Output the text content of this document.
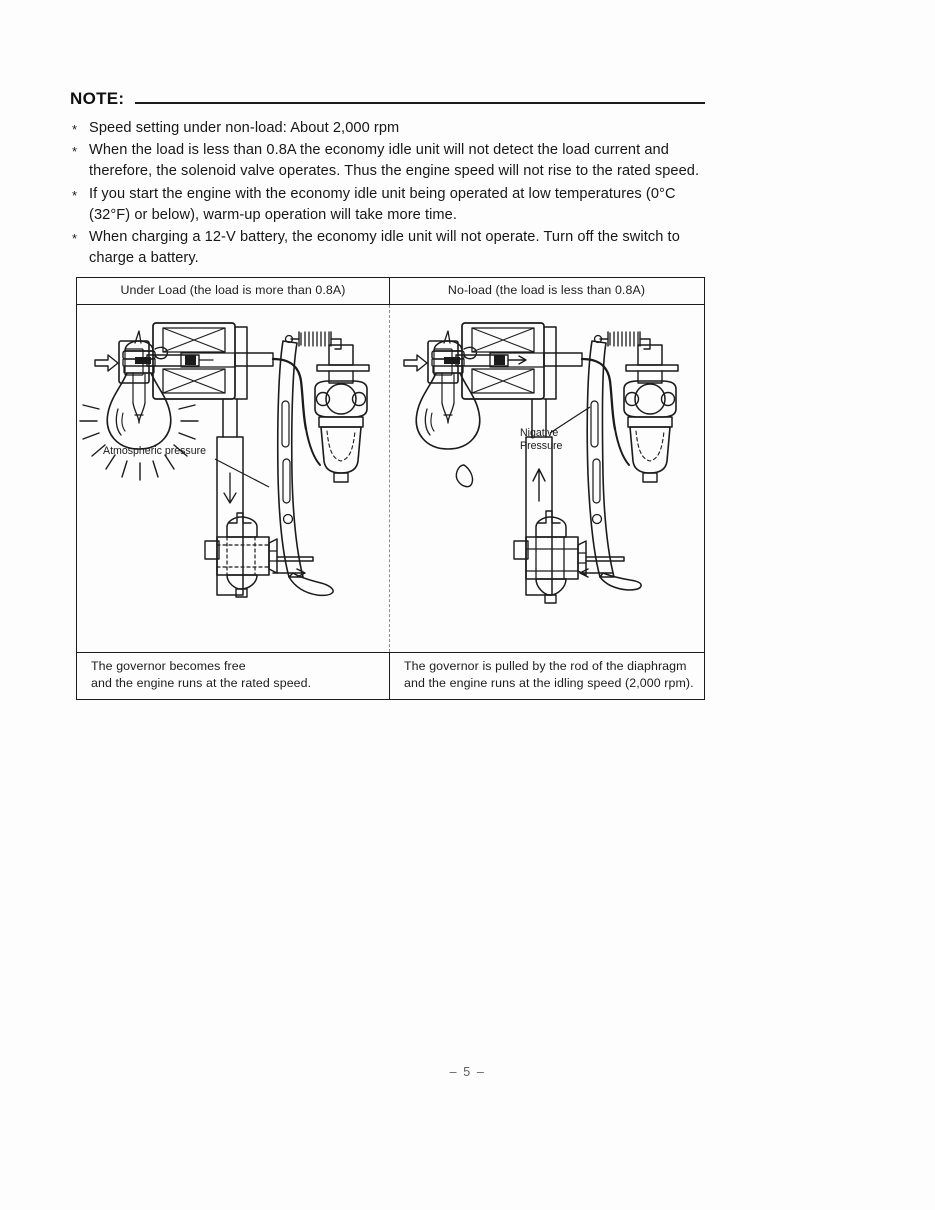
NOTE:
* Speed setting under non-load: About 2,000 rpm
* When the load is less than 0.8A the economy idle unit will not detect the load current and therefore, the solenoid valve operates. Thus the engine speed will not rise to the rated speed.
* If you start the engine with the economy idle unit being operated at low temperatures (0°C (32°F) or below), warm-up operation will take more time.
* When charging a 12-V battery, the economy idle unit will not operate. Turn off the switch to charge a battery.
Under Load (the load is more than 0.8A)	No-load (the load is less than 0.8A)
Atmospheric pressure
Nigative
Pressure
The governor becomes free
and the engine runs at the rated speed.
The governor is pulled by the rod of the diaphragm
and the engine runs at the idling speed (2,000 rpm).
– 5 –
